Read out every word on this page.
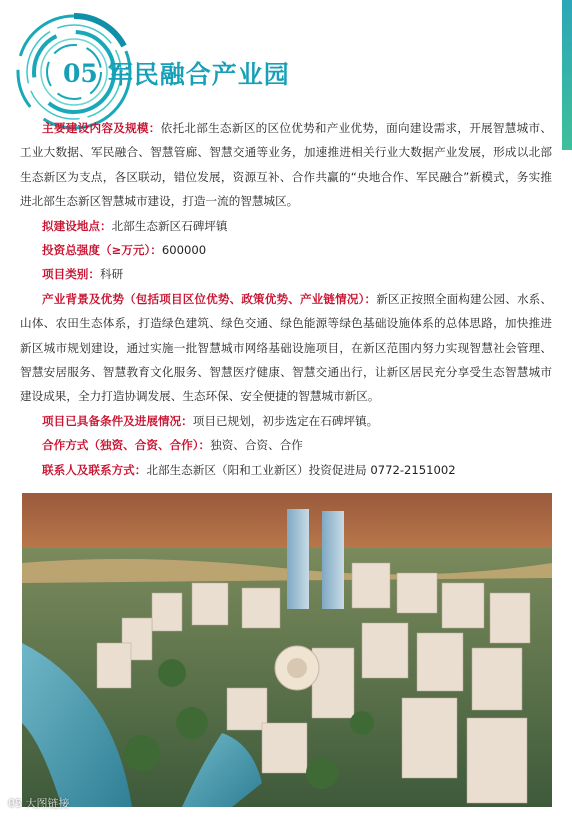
05 军民融合产业园

主要建设内容及规模：依托北部生态新区的区位优势和产业优势，面向建设需求，开展智慧城市、工业大数据、军民融合、智慧管廊、智慧交通等业务，加速推进相关行业大数据产业发展，形成以北部生态新区为支点，各区联动，错位发展，资源互补、合作共赢的“央地合作、军民融合”新模式，务实推进北部生态新区智慧城市建设，打造一流的智慧城区。

拟建设地点：北部生态新区石碑坪镇

投资总强度（≥万元）：600000

项目类别：科研

产业背景及优势（包括项目区位优势、政策优势、产业链情况）：新区正按照全面构建公园、水系、山体、农田生态体系，打造绿色建筑、绿色交通、绿色能源等绿色基础设施体系的总体思路，加快推进新区城市规划建设，通过实施一批智慧城市网络基础设施项目，在新区范围内努力实现智慧社会管理、智慧安居服务、智慧教育文化服务、智慧医疗健康、智慧交通出行，让新区居民充分享受生态智慧城市建设成果，全力打造协调发展、生态环保、安全便捷的智慧城市新区。

项目已具备条件及进展情况：项目已规划，初步选定在石碑坪镇。

合作方式（独资、合资、合作）：独资、合资、合作

联系人及联系方式：北部生态新区（阳和工业新区）投资促进局 0772-2151002

05 大图链接
